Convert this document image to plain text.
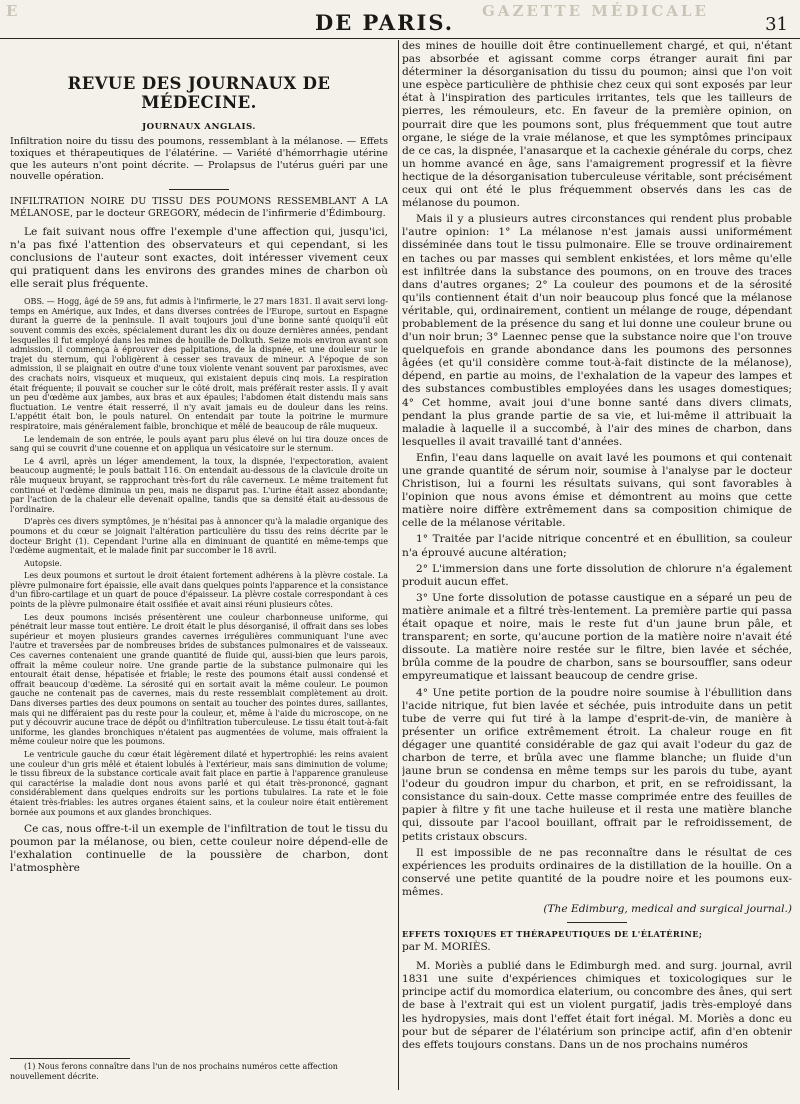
E	GAZETTE MÉDICALE
DE PARIS.	31
REVUE DES JOURNAUX DE MÉDECINE.
JOURNAUX ANGLAIS.

Infiltration noire du tissu des poumons, ressemblant à la mélanose. — Effets toxiques et thérapeutiques de l'élatérine. — Variété d'hémorrhagie utérine que les auteurs n'ont point décrite. — Prolapsus de l'utérus guéri par une nouvelle opération.

INFILTRATION NOIRE DU TISSU DES POUMONS RESSEMBLANT A LA MÉLANOSE, par le docteur GREGORY, médecin de l'infirmerie d'Édimbourg.

Le fait suivant nous offre l'exemple d'une affection qui, jusqu'ici, n'a pas fixé l'attention des observateurs et qui cependant, si les conclusions de l'auteur sont exactes, doit intéresser vivement ceux qui pratiquent dans les environs des grandes mines de charbon où elle serait plus fréquente.

OBS. — Hogg, âgé de 59 ans, fut admis à l'infirmerie, le 27 mars 1831. Il avait servi long-temps en Amérique, aux Indes, et dans diverses contrées de l'Europe, surtout en Espagne durant la guerre de la peninsule. Il avait toujours joui d'une bonne santé quoiqu'il eût souvent commis des excès, spécialement durant les dix ou douze dernières années, pendant lesquelles il fut employé dans les mines de houille de Dolkuth. Seize mois environ avant son admission, il commença à éprouver des palpitations, de la dispnée, et une douleur sur le trajet du sternum, qui l'obligèrent à cesser ses travaux de mineur. A l'époque de son admission, il se plaignait en outre d'une toux violente venant souvent par paroxismes, avec des crachats noirs, visqueux et muqueux, qui existaient depuis cinq mois. La respiration était fréquente; il pouvait se coucher sur le côté droit, mais préférait rester assis. Il y avait un peu d'œdème aux jambes, aux bras et aux épaules; l'abdomen était distendu mais sans fluctuation. Le ventre était resserré, il n'y avait jamais eu de douleur dans les reins. L'appétit était bon, le pouls naturel. On entendait par toute la poitrine le murmure respiratoire, mais généralement faible, bronchique et mêlé de beaucoup de râle muqueux.

Le lendemain de son entrée, le pouls ayant paru plus élevé on lui tira douze onces de sang qui se couvrit d'une couenne et on appliqua un vésicatoire sur le sternum.

Le 4 avril, après un léger amendement, la toux, la dispnée, l'expectoration, avaient beaucoup augmenté; le pouls battait 116. On entendait au-dessous de la clavicule droite un râle muqueux bruyant, se rapprochant très-fort du râle caverneux. Le même traitement fut continué et l'œdème diminua un peu, mais ne disparut pas. L'urine était assez abondante; par l'action de la chaleur elle devenait opaline, tandis que sa densité était au-dessous de l'ordinaire.

D'après ces divers symptômes, je n'hésitai pas à annoncer qu'à la maladie organique des poumons et du cœur se joignait l'altération particulière du tissu des reins décrite par le docteur Bright (1). Cependant l'urine alla en diminuant de quantité en même-temps que l'œdème augmentait, et le malade finit par succomber le 18 avril.

Autopsie.

Les deux poumons et surtout le droit étaient fortement adhérens à la plèvre costale. La plèvre pulmonaire fort épaissie, elle avait dans quelques points l'apparence et la consistance d'un fibro-cartilage et un quart de pouce d'épaisseur. La plèvre costale correspondant à ces points de la plèvre pulmonaire était ossifiée et avait ainsi réuni plusieurs côtes.

Les deux poumons incisés présentèrent une couleur charbonneuse uniforme, qui pénétrait leur masse tout entière. Le droit était le plus désorganisé, il offrait dans ses lobes supérieur et moyen plusieurs grandes cavernes irrégulières communiquant l'une avec l'autre et traversées par de nombreuses brides de substances pulmonaires et de vaisseaux. Ces cavernes contenaient une grande quantité de fluide qui, aussi-bien que leurs parois, offrait la même couleur noire. Une grande partie de la substance pulmonaire qui les entourait était dense, hépatisée et friable; le reste des poumons était aussi condensé et offrait beaucoup d'œdème. La sérosité qui en sortait avait la même couleur. Le poumon gauche ne contenait pas de cavernes, mais du reste ressemblait complètement au droit. Dans diverses parties des deux poumons on sentait au toucher des pointes dures, saillantes, mais qui ne différaient pas du reste pour la couleur, et, même à l'aide du microscope, on ne put y découvrir aucune trace de dépôt ou d'infiltration tuberculeuse. Le tissu était tout-à-fait uniforme, les glandes bronchiques n'étaient pas augmentées de volume, mais offraient la même couleur noire que les poumons.

Le ventricule gauche du cœur était légèrement dilaté et hypertrophié: les reins avaient une couleur d'un gris mêlé et étaient lobulés à l'extérieur, mais sans diminution de volume; le tissu fibreux de la substance corticale avait fait place en partie à l'apparence granuleuse qui caractérise la maladie dont nous avons parlé et qui était très-prononcé, gagnant considérablement dans quelques endroits sur les portions tubulaires. La rate et le foie étaient très-friables: les autres organes étaient sains, et la couleur noire était entièrement bornée aux poumons et aux glandes bronchiques.

Ce cas, nous offre-t-il un exemple de l'infiltration de tout le tissu du poumon par la mélanose, ou bien, cette couleur noire dépend-elle de l'exhalation continuelle de la poussière de charbon, dont l'atmosphère

(1) Nous ferons connaître dans l'un de nos prochains numéros cette affection nouvellement décrite.

des mines de houille doit être continuellement chargé, et qui, n'étant pas absorbée et agissant comme corps étranger aurait fini par déterminer la désorganisation du tissu du poumon; ainsi que l'on voit une espèce particulière de phthisie chez ceux qui sont exposés par leur état à l'inspiration des particules irritantes, tels que les tailleurs de pierres, les rémouleurs, etc. En faveur de la première opinion, on pourrait dire que les poumons sont, plus fréquemment que tout autre organe, le siége de la vraie mélanose, et que les symptômes principaux de ce cas, la dispnée, l'anasarque et la cachexie générale du corps, chez un homme avancé en âge, sans l'amaigrement progressif et la fièvre hectique de la désorganisation tuberculeuse véritable, sont précisément ceux qui ont été le plus fréquemment observés dans les cas de mélanose du poumon.

Mais il y a plusieurs autres circonstances qui rendent plus probable l'autre opinion: 1° La mélanose n'est jamais aussi uniformément disséminée dans tout le tissu pulmonaire. Elle se trouve ordinairement en taches ou par masses qui semblent enkistées, et lors même qu'elle est infiltrée dans la substance des poumons, on en trouve des traces dans d'autres organes; 2° La couleur des poumons et de la sérosité qu'ils contiennent était d'un noir beaucoup plus foncé que la mélanose véritable, qui, ordinairement, contient un mélange de rouge, dépendant probablement de la présence du sang et lui donne une couleur brune ou d'un noir brun; 3° Laennec pense que la substance noire que l'on trouve quelquefois en grande abondance dans les poumons des personnes âgées (et qu'il considère comme tout-à-fait distincte de la mélanose), dépend, en partie au moins, de l'exhalation de la vapeur des lampes et des substances combustibles employées dans les usages domestiques; 4° Cet homme, avait joui d'une bonne santé dans divers climats, pendant la plus grande partie de sa vie, et lui-même il attribuait la maladie à laquelle il a succombé, à l'air des mines de charbon, dans lesquelles il avait travaillé tant d'années.

Enfin, l'eau dans laquelle on avait lavé les poumons et qui contenait une grande quantité de sérum noir, soumise à l'analyse par le docteur Christison, lui a fourni les résultats suivans, qui sont favorables à l'opinion que nous avons émise et démontrent au moins que cette matière noire diffère extrêmement dans sa composition chimique de celle de la mélanose véritable.

1° Traitée par l'acide nitrique concentré et en ébullition, sa couleur n'a éprouvé aucune altération;

2° L'immersion dans une forte dissolution de chlorure n'a également produit aucun effet.

3° Une forte dissolution de potasse caustique en a séparé un peu de matière animale et a filtré très-lentement. La première partie qui passa était opaque et noire, mais le reste fut d'un jaune brun pâle, et transparent; en sorte, qu'aucune portion de la matière noire n'avait été dissoute. La matière noire restée sur le filtre, bien lavée et séchée, brûla comme de la poudre de charbon, sans se boursouffler, sans odeur empyreumatique et laissant beaucoup de cendre grise.

4° Une petite portion de la poudre noire soumise à l'ébullition dans l'acide nitrique, fut bien lavée et séchée, puis introduite dans un petit tube de verre qui fut tiré à la lampe d'esprit-de-vin, de manière à présenter un orifice extrêmement étroit. La chaleur rouge en fit dégager une quantité considérable de gaz qui avait l'odeur du gaz de charbon de terre, et brûla avec une flamme blanche; un fluide d'un jaune brun se condensa en même temps sur les parois du tube, ayant l'odeur du goudron impur du charbon, et prit, en se refroidissant, la consistance du sain-doux. Cette masse comprimée entre des feuilles de papier à filtre y fit une tache huileuse et il resta une matière blanche qui, dissoute par l'acool bouillant, offrait par le refroidissement, de petits cristaux obscurs.

Il est impossible de ne pas reconnaître dans le résultat de ces expériences les produits ordinaires de la distillation de la houille. On a conservé une petite quantité de la poudre noire et les poumons eux-mêmes.

(The Edimburg, medical and surgical journal.)

EFFETS TOXIQUES ET THÉRAPEUTIQUES DE L'ÉLATÉRINE;

par M. MORIÈS.

M. Moriès a publié dans le Edimburgh med. and surg. journal, avril 1831 une suite d'expériences chimiques et toxicologiques sur le principe actif du momordica elaterium, ou concombre des ânes, qui sert de base à l'extrait qui est un violent purgatif, jadis très-employé dans les hydropysies, mais dont l'effet était fort inégal. M. Moriès a donc eu pour but de séparer de l'élatérium son principe actif, afin d'en obtenir des effets toujours constans. Dans un de nos prochains numéros
